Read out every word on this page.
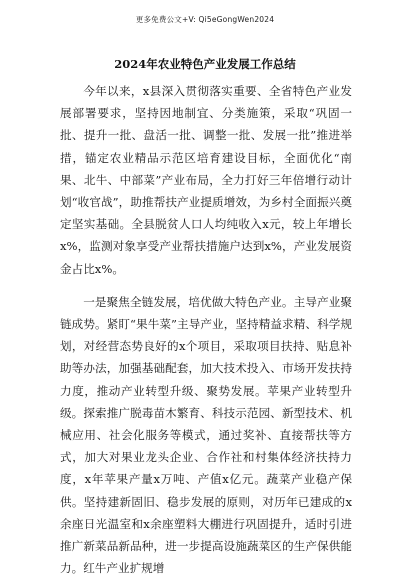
更多免费公文+V: Qi5eGongWen2024
2024年农业特色产业发展工作总结

今年以来，x县深入贯彻落实重要、全省特色产业发展部署要求，坚持因地制宜、分类施策，采取“巩固一批、提升一批、盘活一批、调整一批、发展一批”推进举措，锚定农业精品示范区培育建设目标，全面优化“南果、北牛、中部菜”产业布局，全力打好三年倍增行动计划“收官战”，助推帮扶产业提质增效，为乡村全面振兴奠定坚实基础。全县脱贫人口人均纯收入x元，较上年增长x%，监测对象享受产业帮扶措施户达到x%，产业发展资金占比x%。

一是聚焦全链发展，培优做大特色产业。主导产业聚链成势。紧盯“果牛菜”主导产业，坚持精益求精、科学规划，对经营态势良好的x个项目，采取项目扶持、贴息补助等办法，加强基础配套，加大技术投入、市场开发扶持力度，推动产业转型升级、聚势发展。苹果产业转型升级。探索推广脱毒苗木繁育、科技示范园、新型技术、机械应用、社会化服务等模式，通过奖补、直接帮扶等方式，加大对果业龙头企业、合作社和村集体经济扶持力度，x年苹果产量x万吨、产值x亿元。蔬菜产业稳产保供。坚持建新固旧、稳步发展的原则，对历年已建成的x余座日光温室和x余座塑料大棚进行巩固提升，适时引进推广新菜品新品种，进一步提高设施蔬菜区的生产保供能力。红牛产业扩规增
